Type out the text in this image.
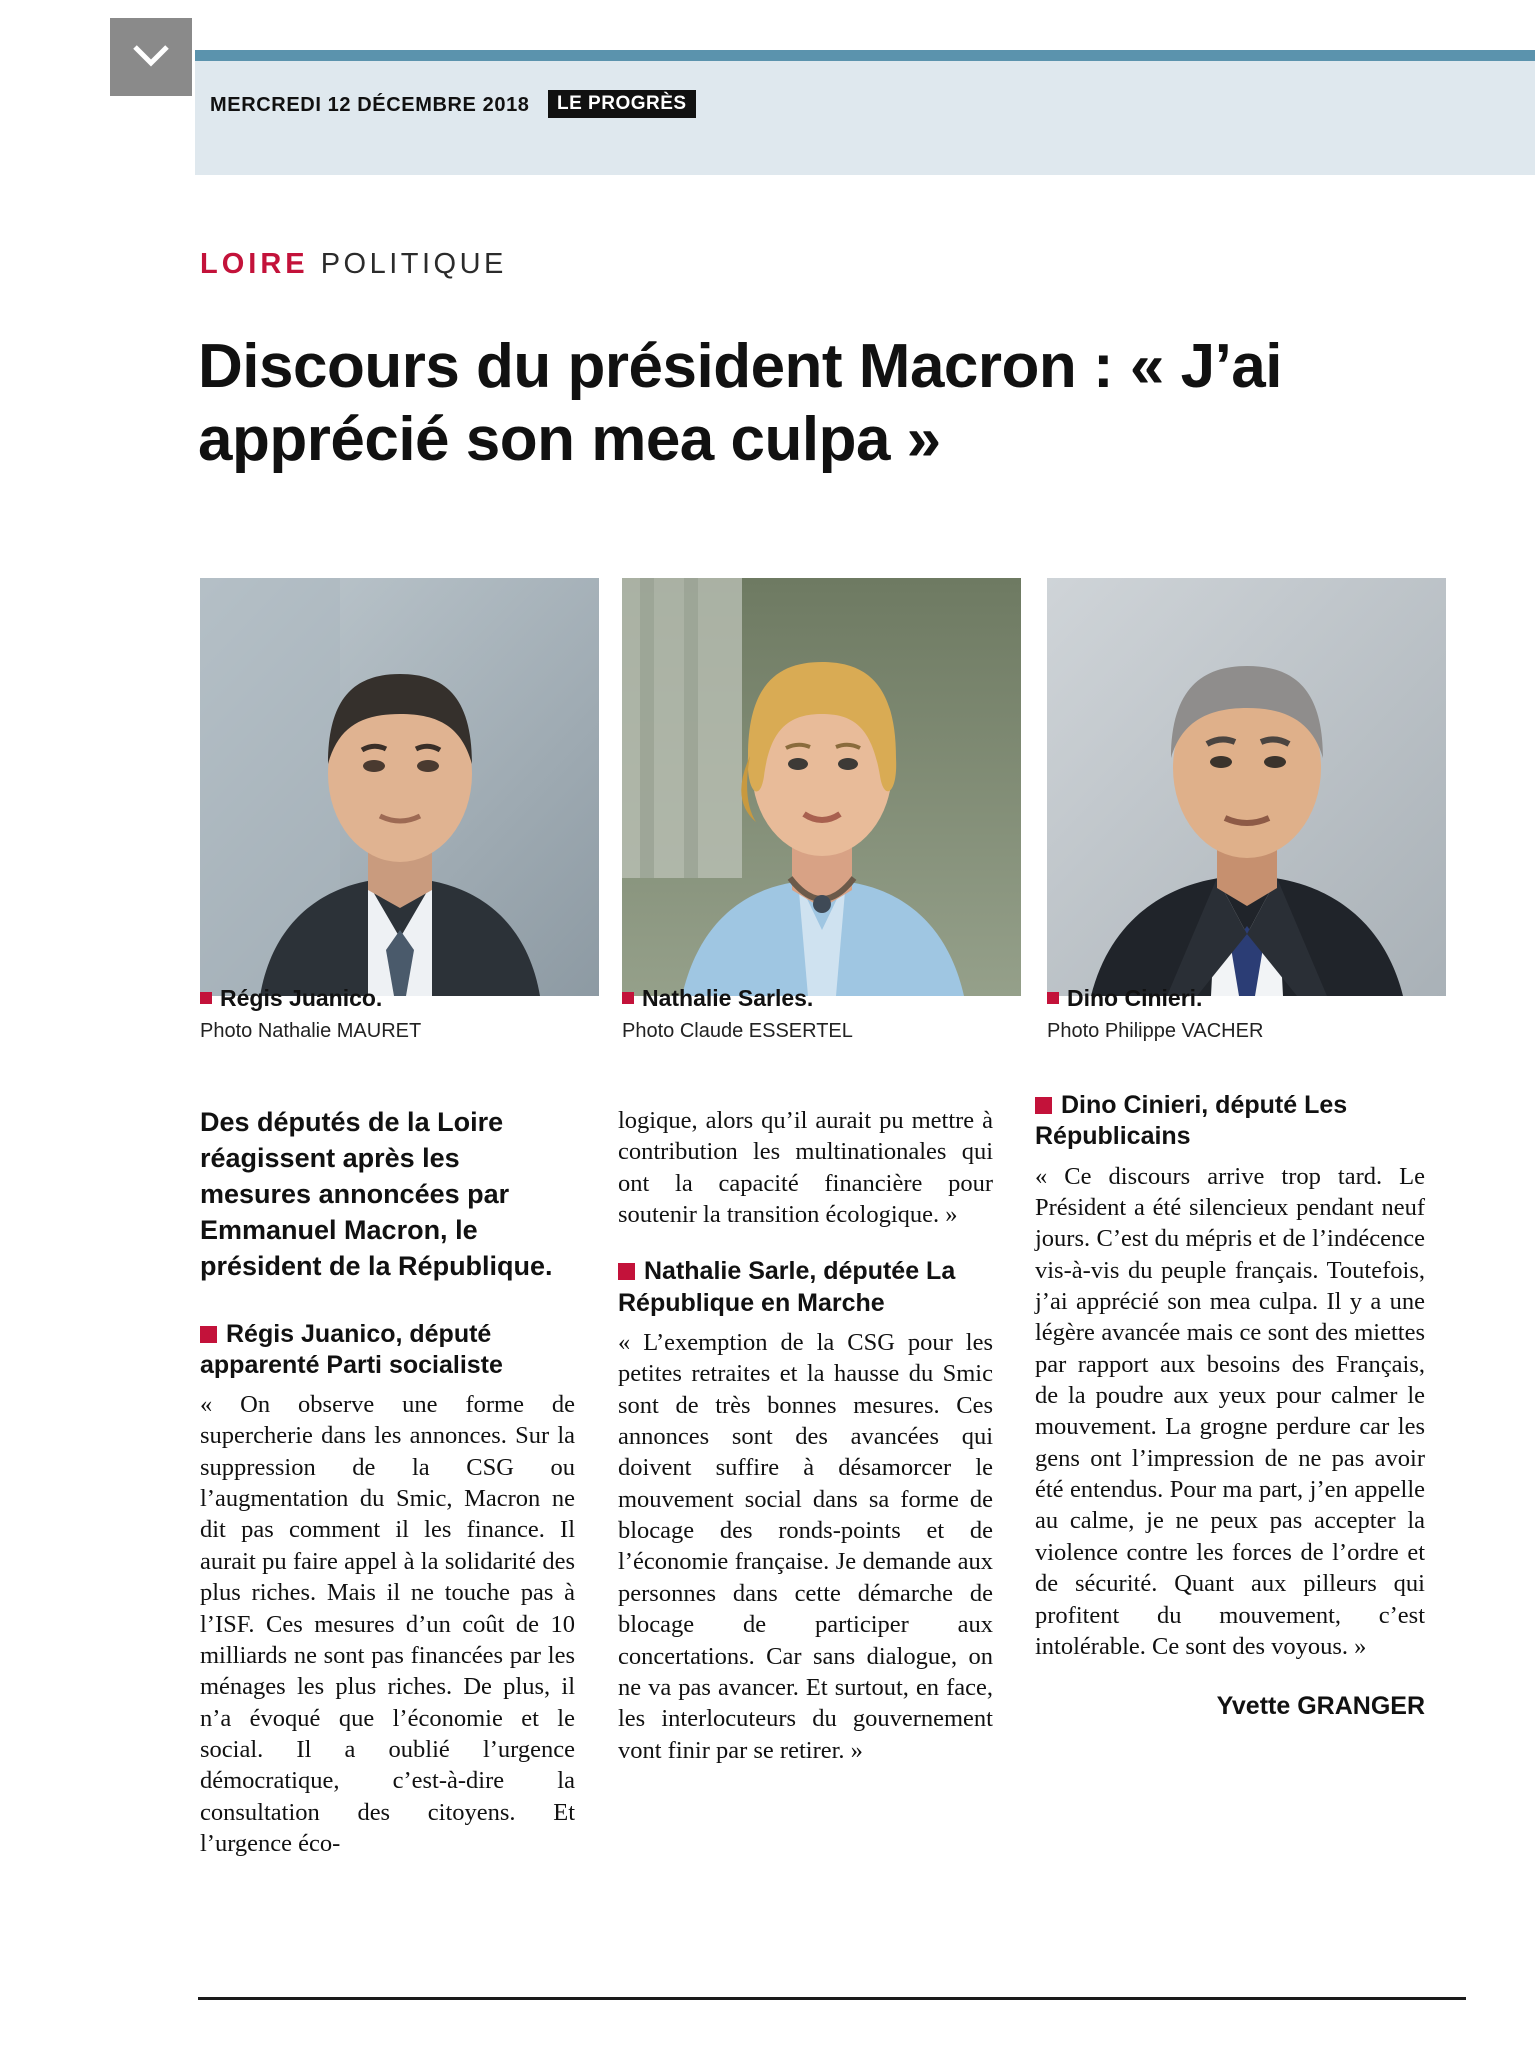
MERCREDI 12 DÉCEMBRE 2018	LE PROGRÈS
LOIRE POLITIQUE
Discours du président Macron : « J’ai apprécié son mea culpa »
Régis Juanico.
Photo Nathalie MAURET
Nathalie Sarles.
Photo Claude ESSERTEL
Dino Cinieri.
Photo Philippe VACHER

Des députés de la Loire réagissent après les mesures annoncées par Emmanuel Macron, le président de la République.

Régis Juanico, député apparenté Parti socialiste

« On observe une forme de supercherie dans les annonces. Sur la suppression de la CSG ou l’augmentation du Smic, Macron ne dit pas comment il les finance. Il aurait pu faire appel à la solidarité des plus riches. Mais il ne touche pas à l’ISF. Ces mesures d’un coût de 10 milliards ne sont pas financées par les ménages les plus riches. De plus, il n’a évoqué que l’économie et le social. Il a oublié l’urgence démocratique, c’est-à-dire la consultation des citoyens. Et l’urgence éco-

logique, alors qu’il aurait pu mettre à contribution les multinationales qui ont la capacité financière pour soutenir la transition écologique. »

Nathalie Sarle, députée La République en Marche

« L’exemption de la CSG pour les petites retraites et la hausse du Smic sont de très bonnes mesures. Ces annonces sont des avancées qui doivent suffire à désamorcer le mouvement social dans sa forme de blocage des ronds-points et de l’économie française. Je demande aux personnes dans cette démarche de blocage de participer aux concertations. Car sans dialogue, on ne va pas avancer. Et surtout, en face, les interlocuteurs du gouvernement vont finir par se retirer. »

Dino Cinieri, député Les Républicains

« Ce discours arrive trop tard. Le Président a été silencieux pendant neuf jours. C’est du mépris et de l’indécence vis-à-vis du peuple français. Toutefois, j’ai apprécié son mea culpa. Il y a une légère avancée mais ce sont des miettes par rapport aux besoins des Français, de la poudre aux yeux pour calmer le mouvement. La grogne perdure car les gens ont l’impression de ne pas avoir été entendus. Pour ma part, j’en appelle au calme, je ne peux pas accepter la violence contre les forces de l’ordre et de sécurité. Quant aux pilleurs qui profitent du mouvement, c’est intolérable. Ce sont des voyous. »

Yvette GRANGER
